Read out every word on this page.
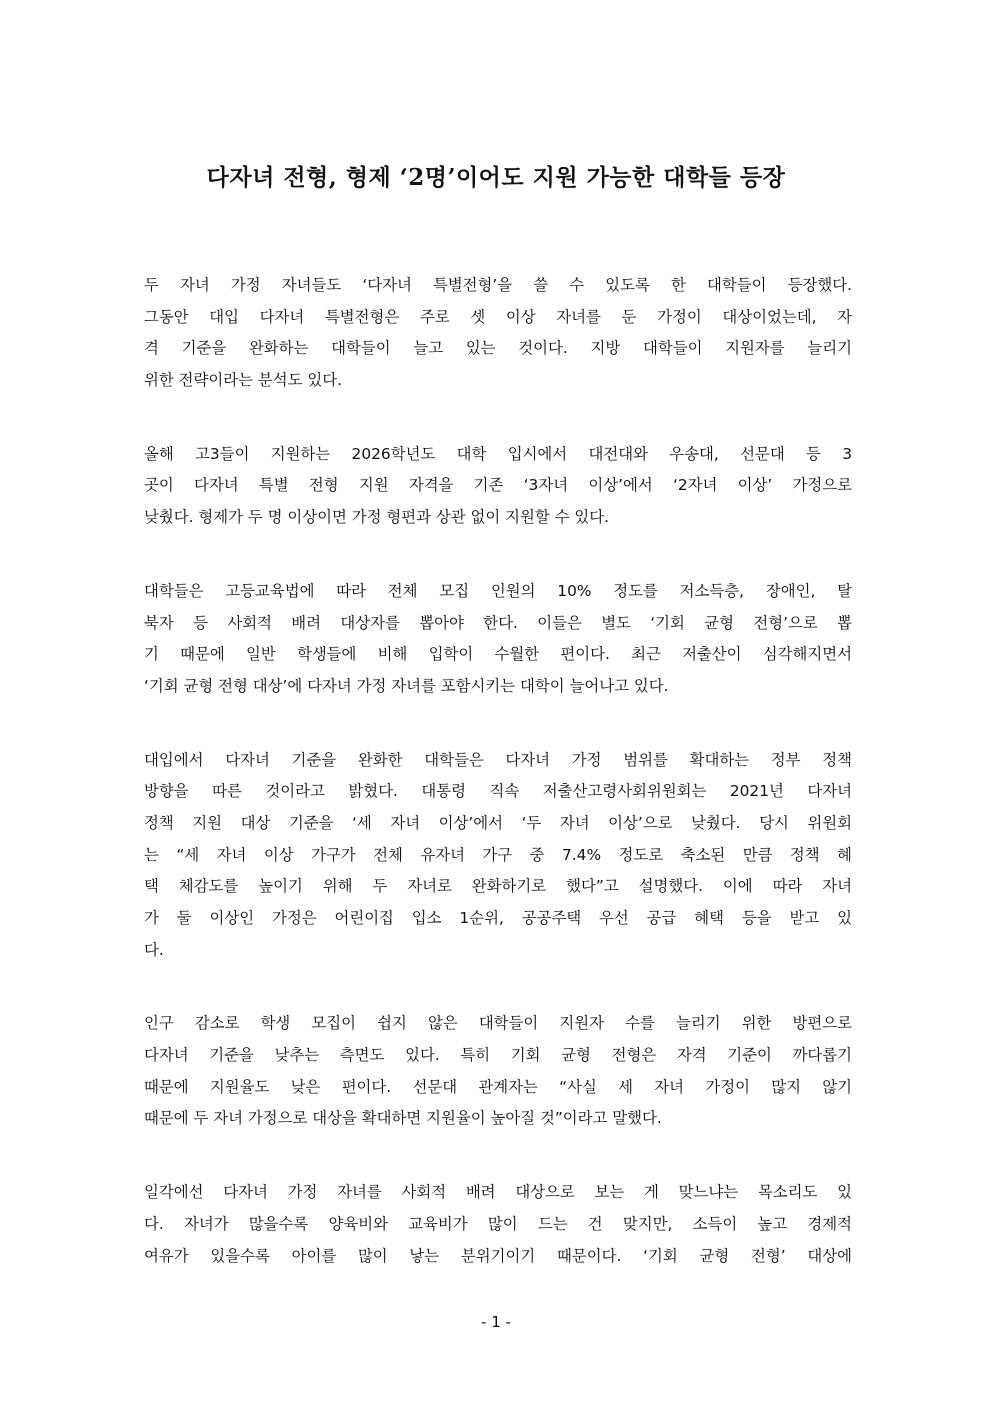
다자녀 전형, 형제 ‘2명’이어도 지원 가능한 대학들 등장
두 자녀 가정 자녀들도 ‘다자녀 특별전형’을 쓸 수 있도록 한 대학들이 등장했다.
그동안 대입 다자녀 특별전형은 주로 셋 이상 자녀를 둔 가정이 대상이었는데, 자
격 기준을 완화하는 대학들이 늘고 있는 것이다. 지방 대학들이 지원자를 늘리기
위한 전략이라는 분석도 있다.
올해 고3들이 지원하는 2026학년도 대학 입시에서 대전대와 우송대, 선문대 등 3
곳이 다자녀 특별 전형 지원 자격을 기존 ‘3자녀 이상’에서 ‘2자녀 이상’ 가정으로
낮췄다. 형제가 두 명 이상이면 가정 형편과 상관 없이 지원할 수 있다.
대학들은 고등교육법에 따라 전체 모집 인원의 10% 정도를 저소득층, 장애인, 탈
북자 등 사회적 배려 대상자를 뽑아야 한다. 이들은 별도 ‘기회 균형 전형’으로 뽑
기 때문에 일반 학생들에 비해 입학이 수월한 편이다. 최근 저출산이 심각해지면서
‘기회 균형 전형 대상’에 다자녀 가정 자녀를 포함시키는 대학이 늘어나고 있다.
대입에서 다자녀 기준을 완화한 대학들은 다자녀 가정 범위를 확대하는 정부 정책
방향을 따른 것이라고 밝혔다. 대통령 직속 저출산고령사회위원회는 2021년 다자녀
정책 지원 대상 기준을 ‘세 자녀 이상’에서 ‘두 자녀 이상’으로 낮췄다. 당시 위원회
는 “세 자녀 이상 가구가 전체 유자녀 가구 중 7.4% 정도로 축소된 만큼 정책 혜
택 체감도를 높이기 위해 두 자녀로 완화하기로 했다”고 설명했다. 이에 따라 자녀
가 둘 이상인 가정은 어린이집 입소 1순위, 공공주택 우선 공급 혜택 등을 받고 있
다.
인구 감소로 학생 모집이 쉽지 않은 대학들이 지원자 수를 늘리기 위한 방편으로
다자녀 기준을 낮추는 측면도 있다. 특히 기회 균형 전형은 자격 기준이 까다롭기
때문에 지원율도 낮은 편이다. 선문대 관계자는 “사실 세 자녀 가정이 많지 않기
때문에 두 자녀 가정으로 대상을 확대하면 지원율이 높아질 것”이라고 말했다.
일각에선 다자녀 가정 자녀를 사회적 배려 대상으로 보는 게 맞느냐는 목소리도 있
다. 자녀가 많을수록 양육비와 교육비가 많이 드는 건 맞지만, 소득이 높고 경제적
여유가 있을수록 아이를 많이 낳는 분위기이기 때문이다. ‘기회 균형 전형’ 대상에

- 1 -
